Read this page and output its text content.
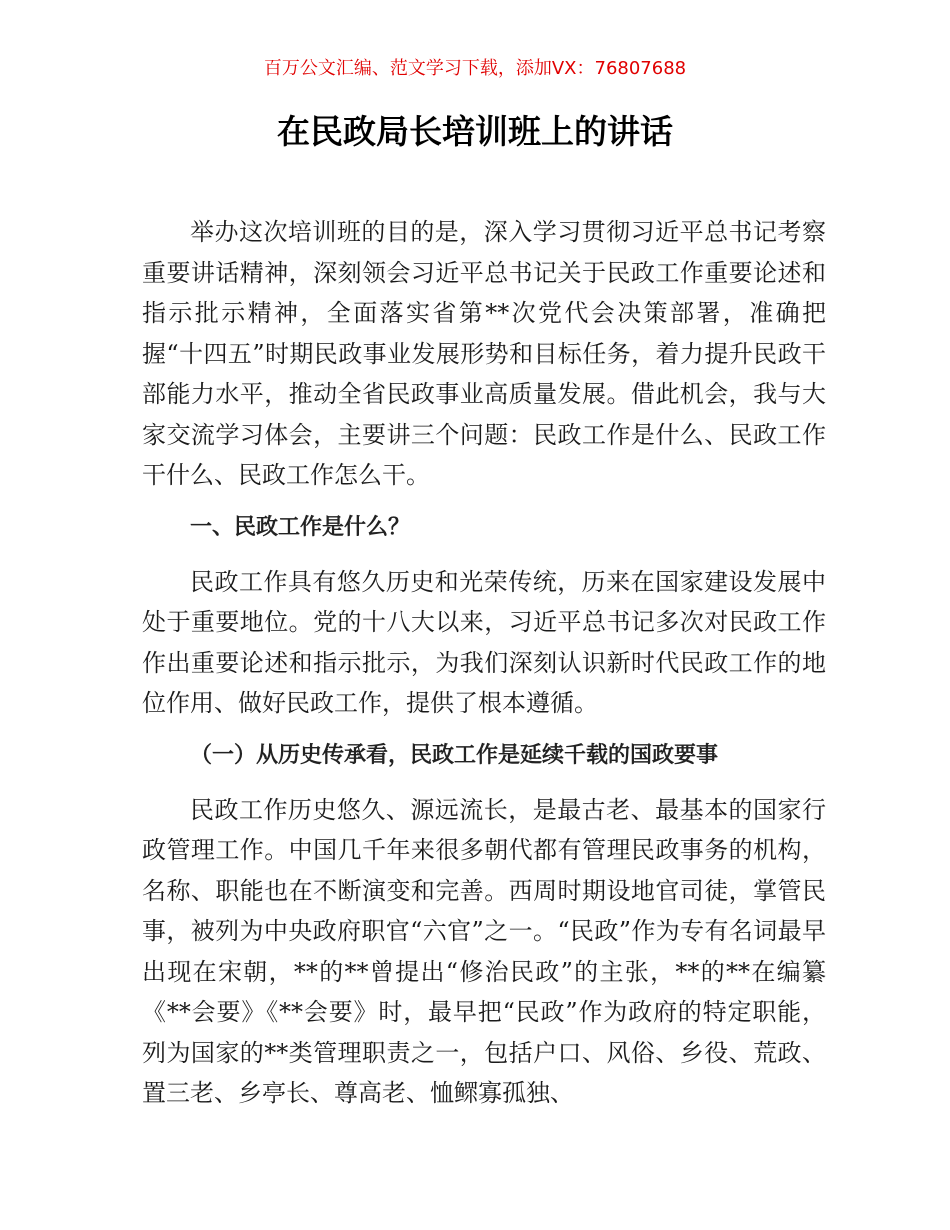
百万公文汇编、范文学习下载，添加VX：76807688
在民政局长培训班上的讲话

举办这次培训班的目的是，深入学习贯彻习近平总书记考察重要讲话精神，深刻领会习近平总书记关于民政工作重要论述和指示批示精神，全面落实省第**次党代会决策部署，准确把握“十四五”时期民政事业发展形势和目标任务，着力提升民政干部能力水平，推动全省民政事业高质量发展。借此机会，我与大家交流学习体会，主要讲三个问题：民政工作是什么、民政工作干什么、民政工作怎么干。

一、民政工作是什么？

民政工作具有悠久历史和光荣传统，历来在国家建设发展中处于重要地位。党的十八大以来，习近平总书记多次对民政工作作出重要论述和指示批示，为我们深刻认识新时代民政工作的地位作用、做好民政工作，提供了根本遵循。

（一）从历史传承看，民政工作是延续千载的国政要事

民政工作历史悠久、源远流长，是最古老、最基本的国家行政管理工作。中国几千年来很多朝代都有管理民政事务的机构，名称、职能也在不断演变和完善。西周时期设地官司徒，掌管民事，被列为中央政府职官“六官”之一。“民政”作为专有名词最早出现在宋朝，**的**曾提出“修治民政”的主张，**的**在编纂《**会要》《**会要》时，最早把“民政”作为政府的特定职能，列为国家的**类管理职责之一，包括户口、风俗、乡役、荒政、置三老、乡亭长、尊高老、恤鳏寡孤独、
